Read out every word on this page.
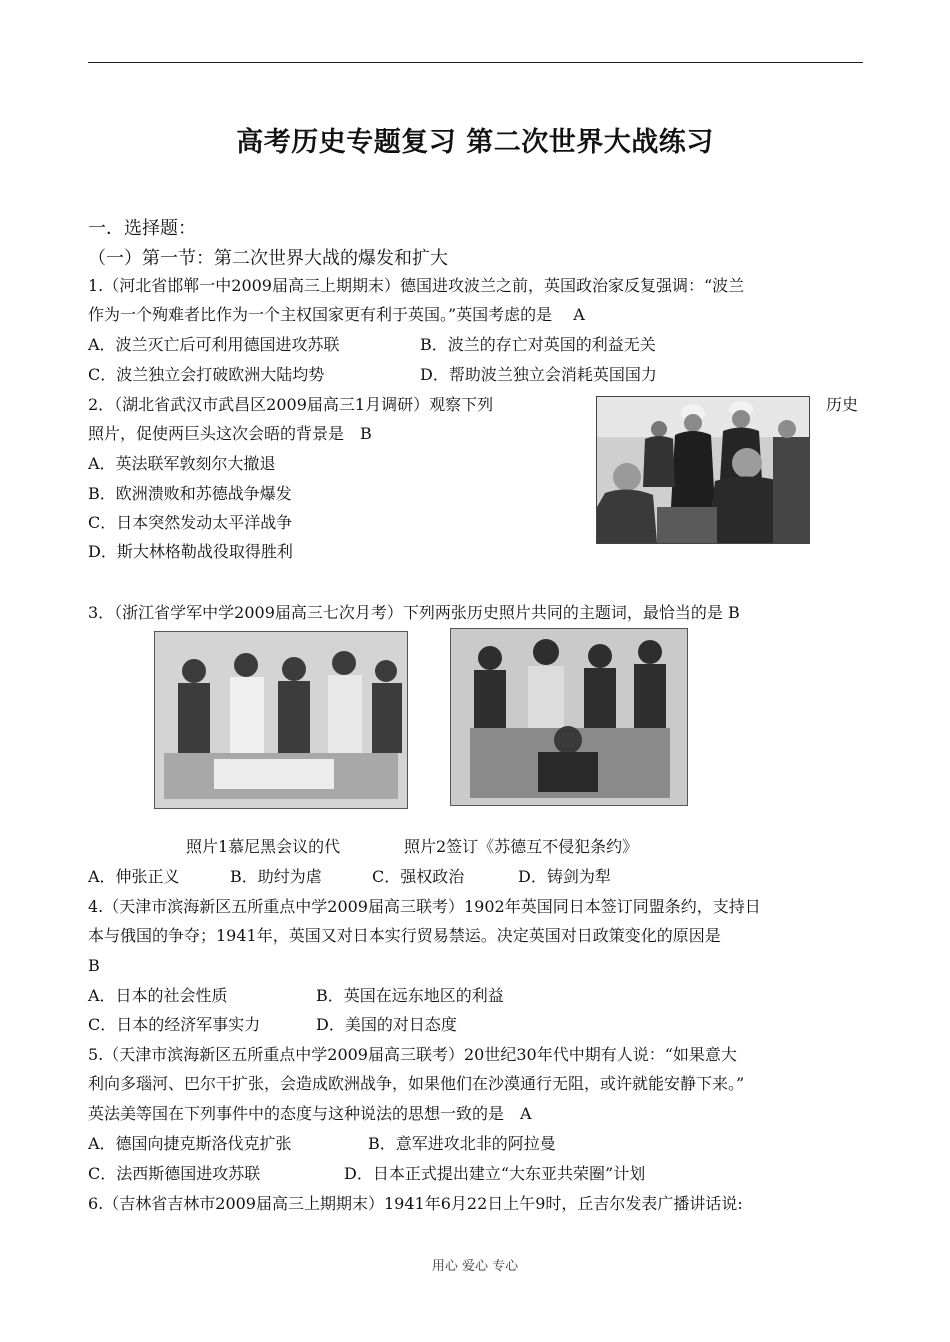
高考历史专题复习 第二次世界大战练习
一．选择题：
（一）第一节：第二次世界大战的爆发和扩大
1.（河北省邯郸一中2009届高三上期期末）德国进攻波兰之前，英国政治家反复强调：“波兰
作为一个殉难者比作为一个主权国家更有利于英国。”英国考虑的是　 A
A．波兰灭亡后可利用德国进攻苏联	B．波兰的存亡对英国的利益无关
C．波兰独立会打破欧洲大陆均势	D．帮助波兰独立会消耗英国国力
2．（湖北省武汉市武昌区2009届高三1月调研）观察下列	历史
照片，促使两巨头这次会晤的背景是　B
A．英法联军敦刻尔大撤退
B．欧洲溃败和苏德战争爆发
C．日本突然发动太平洋战争
D．斯大林格勒战役取得胜利
3．（浙江省学军中学2009届高三七次月考）下列两张历史照片共同的主题词，最恰当的是 B
照片1慕尼黑会议的代	照片2签订《苏德互不侵犯条约》
A．伸张正义	B．助纣为虐	C．强权政治	D．铸剑为犁
4.（天津市滨海新区五所重点中学2009届高三联考）1902年英国同日本签订同盟条约，支持日
本与俄国的争夺；1941年，英国又对日本实行贸易禁运。决定英国对日政策变化的原因是
B
A．日本的社会性质	B．英国在远东地区的利益
C．日本的经济军事实力	D．美国的对日态度
5.（天津市滨海新区五所重点中学2009届高三联考）20世纪30年代中期有人说：“如果意大
利向多瑙河、巴尔干扩张，会造成欧洲战争，如果他们在沙漠通行无阻，或许就能安静下来。”
英法美等国在下列事件中的态度与这种说法的思想一致的是　A
A．德国向捷克斯洛伐克扩张	B．意军进攻北非的阿拉曼
C．法西斯德国进攻苏联	D．日本正式提出建立“大东亚共荣圈”计划
6.（吉林省吉林市2009届高三上期期末）1941年6月22日上午9时，丘吉尔发表广播讲话说:
用心 爱心 专心
